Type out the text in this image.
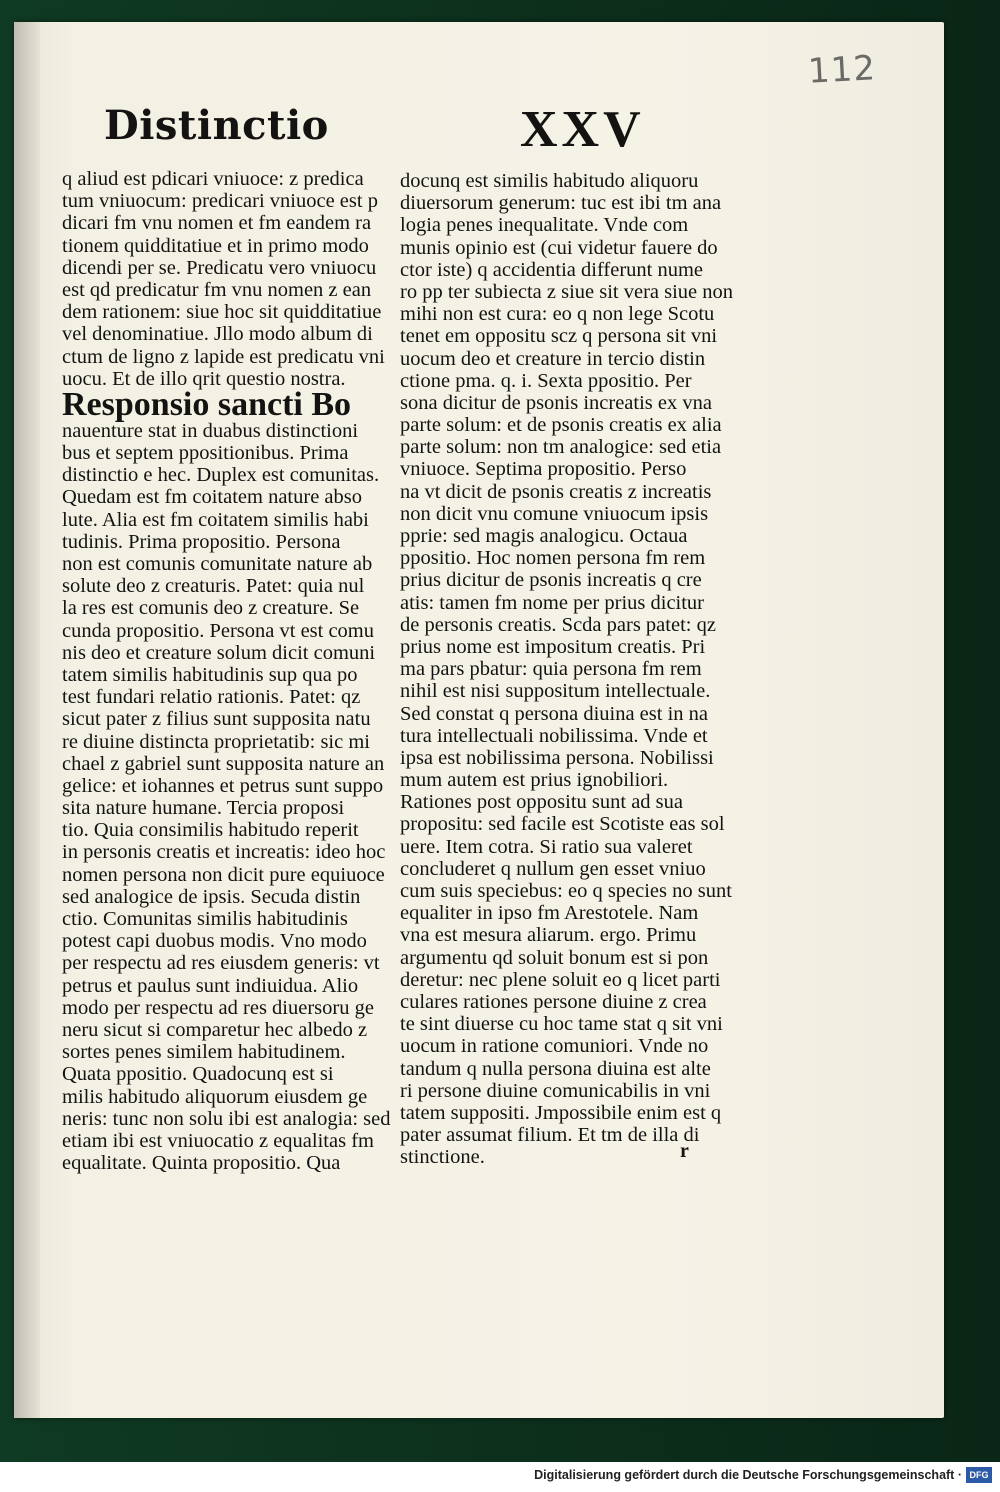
112
Distinctio	XXV
q aliud est pdicari vniuoce: z predica
tum vniuocum: predicari vniuoce est p
dicari fm vnu nomen et fm eandem ra
tionem quidditatiue et in primo modo
dicendi per se. Predicatu vero vniuocu
est qd predicatur fm vnu nomen z ean
dem rationem: siue hoc sit quidditatiue
vel denominatiue. Jllo modo album di
ctum de ligno z lapide est predicatu vni
uocu. Et de illo qrit questio nostra.
Responsio sancti Bo
nauenture stat in duabus distinctioni
bus et septem ppositionibus. Prima
distinctio e hec. Duplex est comunitas.
Quedam est fm coitatem nature abso
lute. Alia est fm coitatem similis habi
tudinis. Prima propositio. Persona
non est comunis comunitate nature ab
solute deo z creaturis. Patet: quia nul
la res est comunis deo z creature. Se
cunda propositio. Persona vt est comu
nis deo et creature solum dicit comuni
tatem similis habitudinis sup qua po
test fundari relatio rationis. Patet: qz
sicut pater z filius sunt supposita natu
re diuine distincta proprietatib: sic mi
chael z gabriel sunt supposita nature an
gelice: et iohannes et petrus sunt suppo
sita nature humane. Tercia proposi
tio. Quia consimilis habitudo reperit
in personis creatis et increatis: ideo hoc
nomen persona non dicit pure equiuoce
sed analogice de ipsis. Secuda distin
ctio. Comunitas similis habitudinis
potest capi duobus modis. Vno modo
per respectu ad res eiusdem generis: vt
petrus et paulus sunt indiuidua. Alio
modo per respectu ad res diuersoru ge
neru sicut si comparetur hec albedo z
sortes penes similem habitudinem.
Quata ppositio. Quadocunq est si
milis habitudo aliquorum eiusdem ge
neris: tunc non solu ibi est analogia: sed
etiam ibi est vniuocatio z equalitas fm
equalitate. Quinta propositio. Qua
docunq est similis habitudo aliquoru
diuersorum generum: tuc est ibi tm ana
logia penes inequalitate. Vnde com
munis opinio est (cui videtur fauere do
ctor iste) q accidentia differunt nume
ro pp ter subiecta z siue sit vera siue non
mihi non est cura: eo q non lege Scotu
tenet em oppositu scz q persona sit vni
uocum deo et creature in tercio distin
ctione pma. q. i. Sexta ppositio. Per
sona dicitur de psonis increatis ex vna
parte solum: et de psonis creatis ex alia
parte solum: non tm analogice: sed etia
vniuoce. Septima propositio. Perso
na vt dicit de psonis creatis z increatis
non dicit vnu comune vniuocum ipsis
pprie: sed magis analogicu. Octaua
ppositio. Hoc nomen persona fm rem
prius dicitur de psonis increatis q cre
atis: tamen fm nome per prius dicitur
de personis creatis. Scda pars patet: qz
prius nome est impositum creatis. Pri
ma pars pbatur: quia persona fm rem
nihil est nisi suppositum intellectuale.
Sed constat q persona diuina est in na
tura intellectuali nobilissima. Vnde et
ipsa est nobilissima persona. Nobilissi
mum autem est prius ignobiliori.
Rationes post oppositu sunt ad sua
propositu: sed facile est Scotiste eas sol
uere. Item cotra. Si ratio sua valeret
concluderet q nullum gen esset vniuo
cum suis speciebus: eo q species no sunt
equaliter in ipso fm Arestotele. Nam
vna est mesura aliarum. ergo. Primu
argumentu qd soluit bonum est si pon
deretur: nec plene soluit eo q licet parti
culares rationes persone diuine z crea
te sint diuerse cu hoc tame stat q sit vni
uocum in ratione comuniori. Vnde no
tandum q nulla persona diuina est alte
ri persone diuine comunicabilis in vni
tatem suppositi. Jmpossibile enim est q
pater assumat filium. Et tm de illa di
stinctione.	r
Digitalisierung gefördert durch die Deutsche Forschungsgemeinschaft · DFG
